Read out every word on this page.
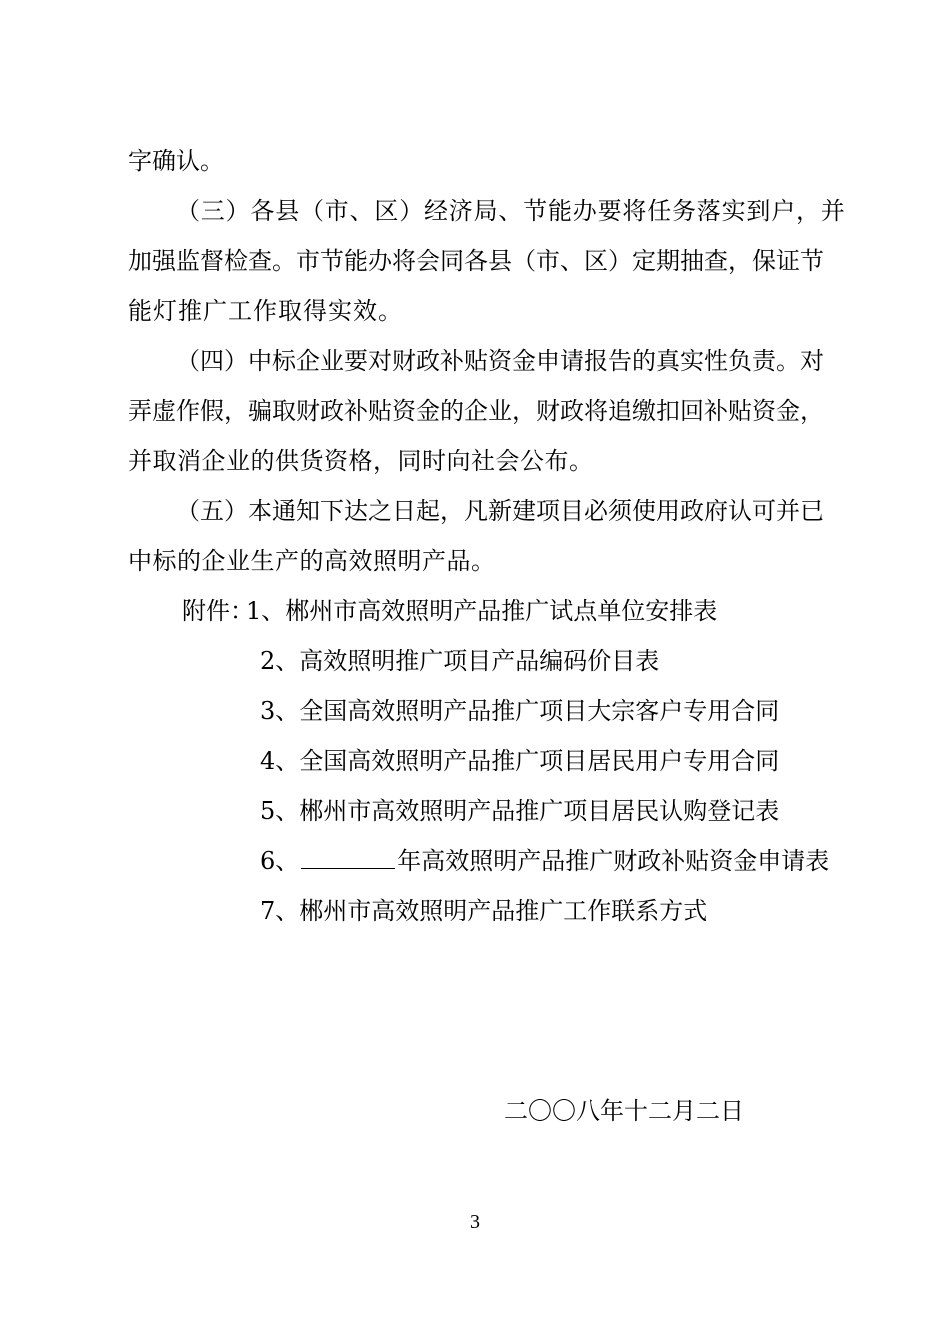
字确认。

（三）各县（市、区）经济局、节能办要将任务落实到户，并

加强监督检查。市节能办将会同各县（市、区）定期抽查，保证节

能灯推广工作取得实效。

（四）中标企业要对财政补贴资金申请报告的真实性负责。对

弄虚作假，骗取财政补贴资金的企业，财政将追缴扣回补贴资金，

并取消企业的供货资格，同时向社会公布。

（五）本通知下达之日起，凡新建项目必须使用政府认可并已

中标的企业生产的高效照明产品。

附件：

1、郴州市高效照明产品推广试点单位安排表

2、高效照明推广项目产品编码价目表

3、全国高效照明产品推广项目大宗客户专用合同

4、全国高效照明产品推广项目居民用户专用合同

5、郴州市高效照明产品推广项目居民认购登记表

6、	年高效照明产品推广财政补贴资金申请表

7、郴州市高效照明产品推广工作联系方式

二〇〇八年十二月二日

3
